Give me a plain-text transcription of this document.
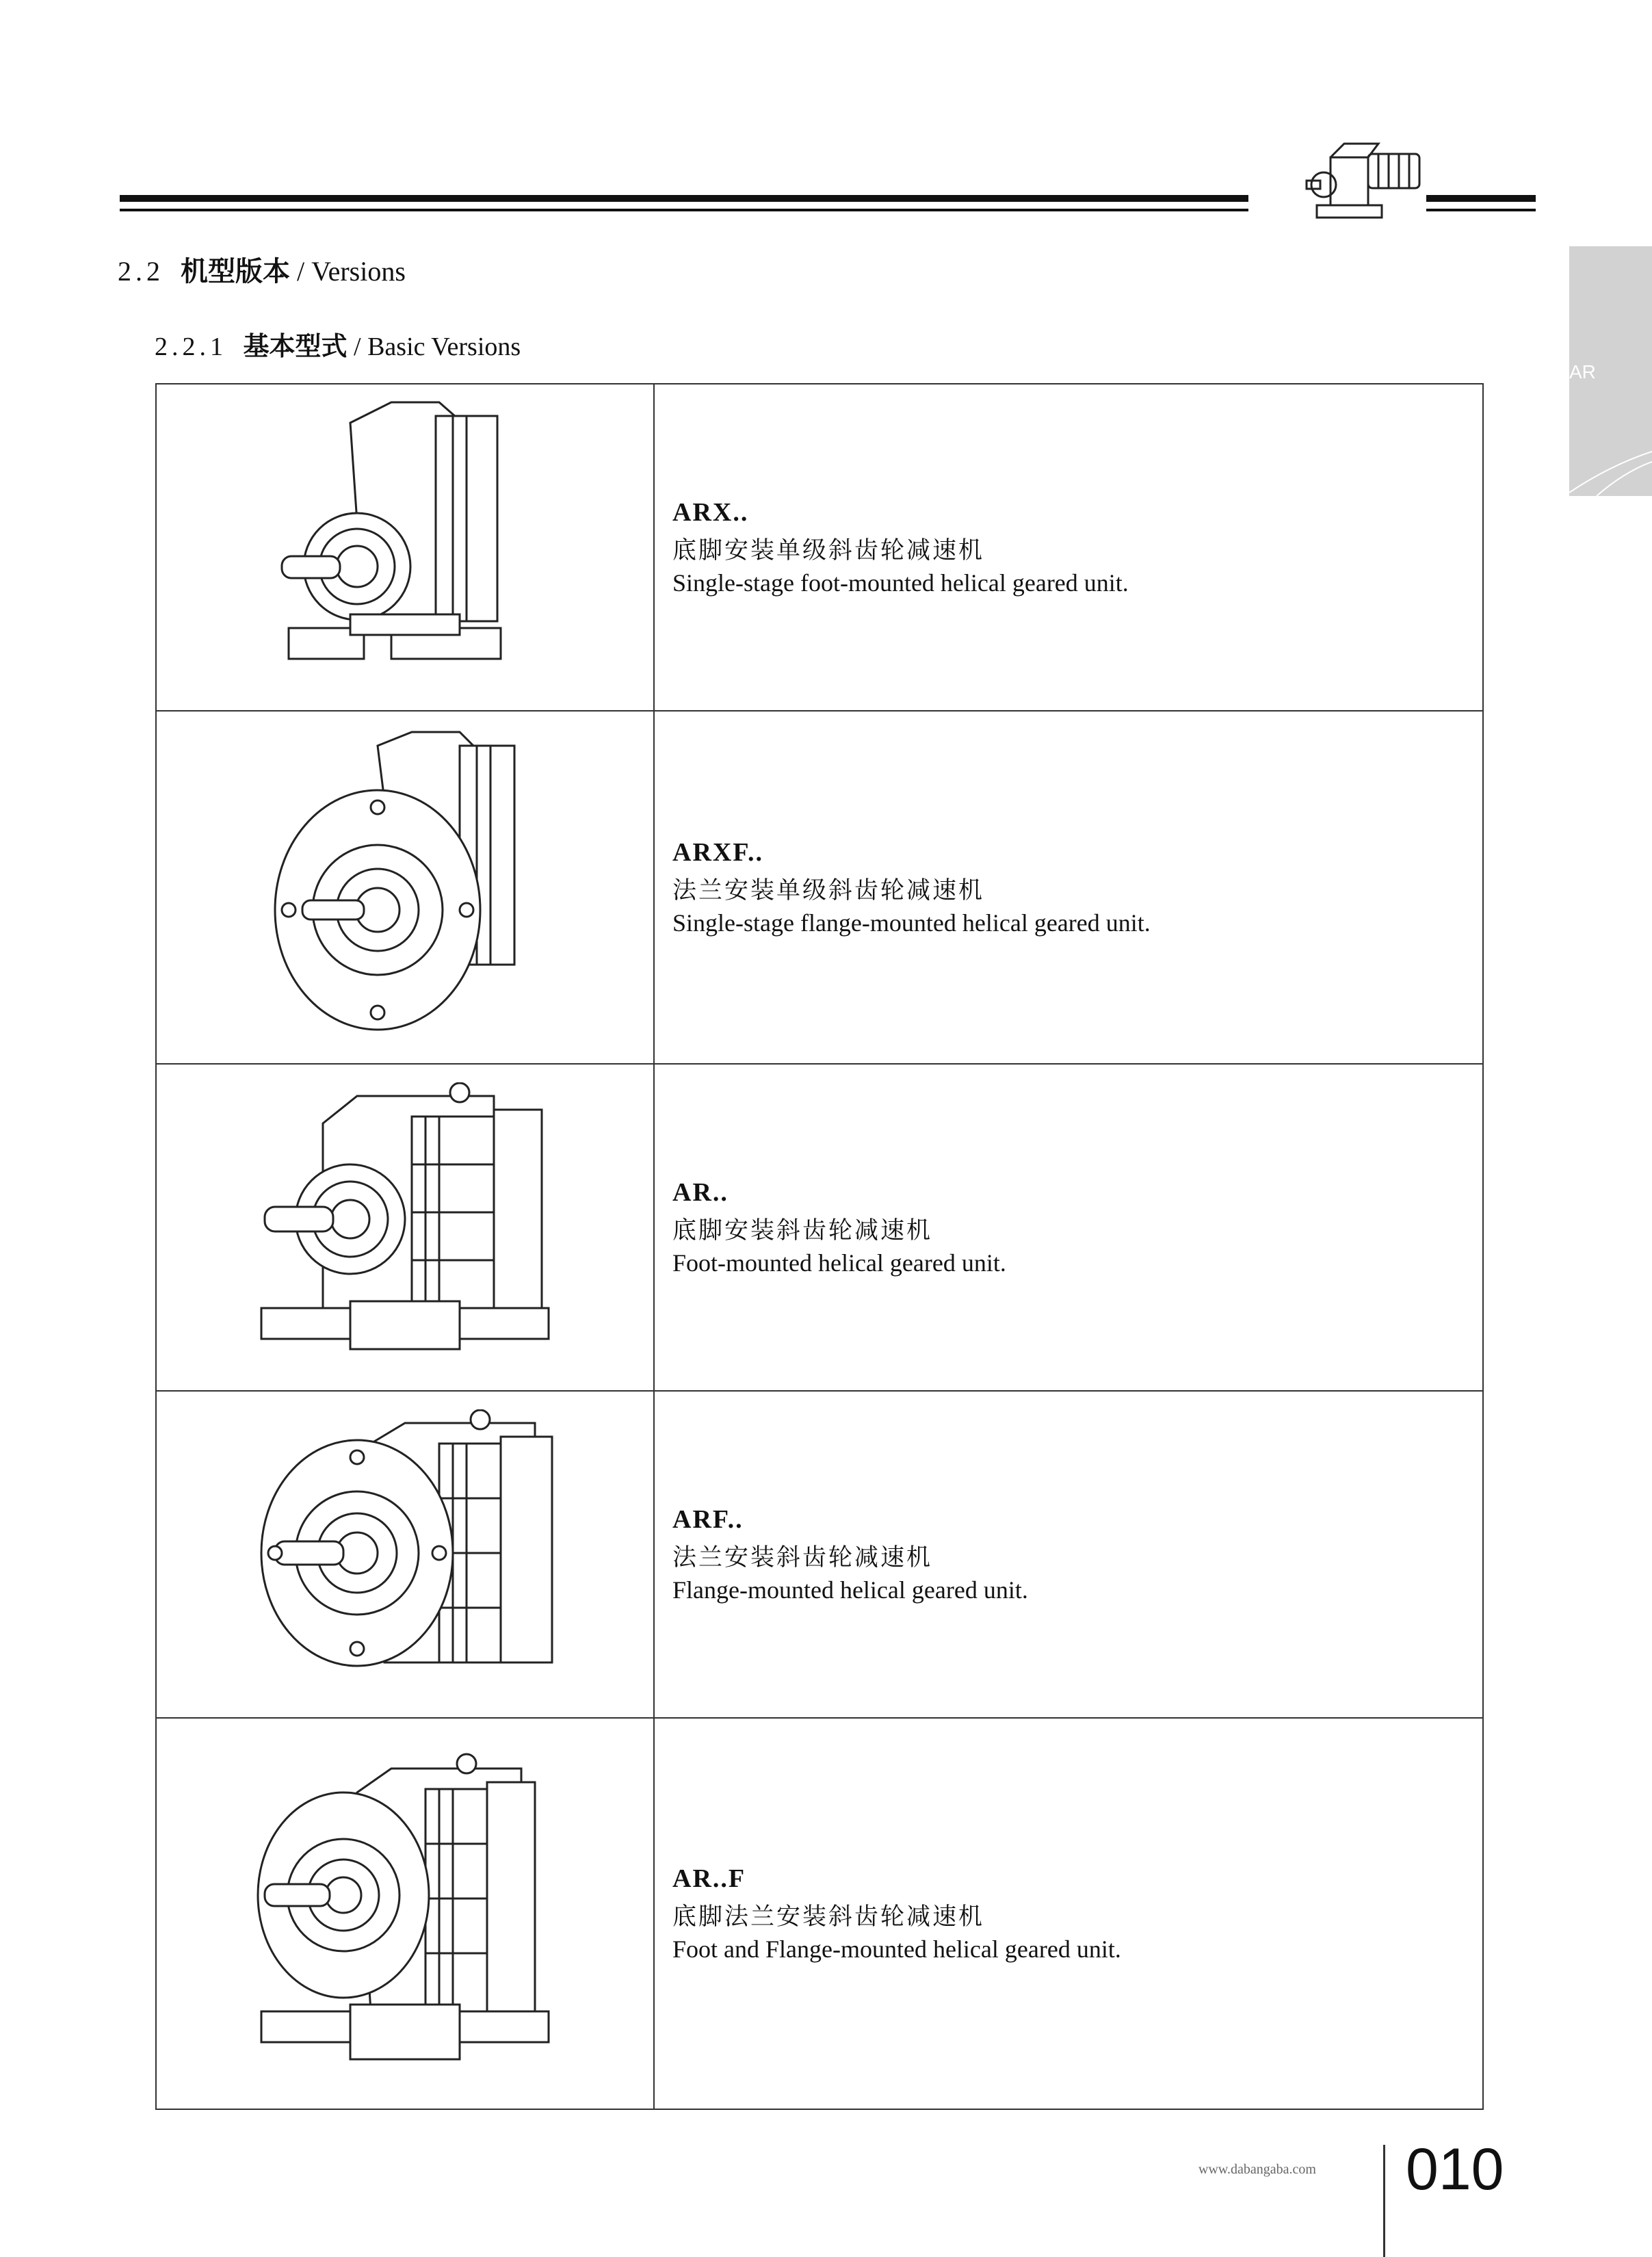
AR
2.2 机型版本 / Versions
2.2.1 基本型式 / Basic Versions

ARX..
底脚安装单级斜齿轮减速机
Single-stage foot-mounted helical geared unit.

ARXF..
法兰安装单级斜齿轮减速机
Single-stage flange-mounted helical geared unit.

AR..
底脚安装斜齿轮减速机
Foot-mounted helical geared unit.

ARF..
法兰安装斜齿轮减速机
Flange-mounted helical geared unit.

AR..F
底脚法兰安装斜齿轮减速机
Foot and Flange-mounted helical geared unit.
www.dabangaba.com 010
